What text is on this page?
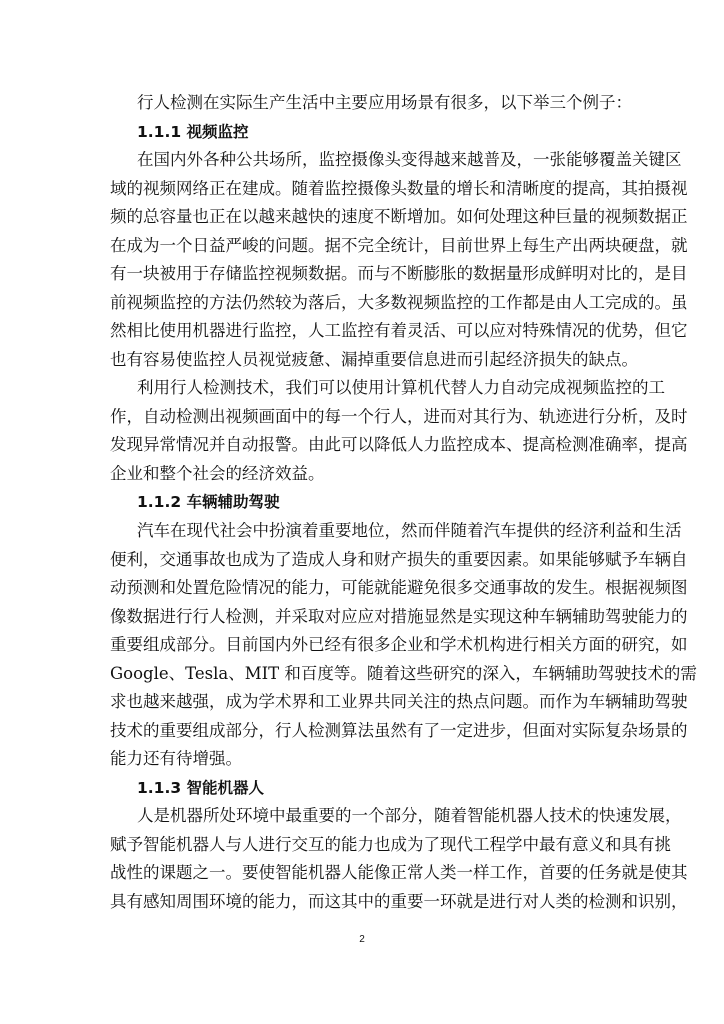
行人检测在实际生产生活中主要应用场景有很多，以下举三个例子：
1.1.1 视频监控
在国内外各种公共场所，监控摄像头变得越来越普及，一张能够覆盖关键区
域的视频网络正在建成。随着监控摄像头数量的增长和清晰度的提高，其拍摄视
频的总容量也正在以越来越快的速度不断增加。如何处理这种巨量的视频数据正
在成为一个日益严峻的问题。据不完全统计，目前世界上每生产出两块硬盘，就
有一块被用于存储监控视频数据。而与不断膨胀的数据量形成鲜明对比的，是目
前视频监控的方法仍然较为落后，大多数视频监控的工作都是由人工完成的。虽
然相比使用机器进行监控，人工监控有着灵活、可以应对特殊情况的优势，但它
也有容易使监控人员视觉疲惫、漏掉重要信息进而引起经济损失的缺点。
利用行人检测技术，我们可以使用计算机代替人力自动完成视频监控的工
作，自动检测出视频画面中的每一个行人，进而对其行为、轨迹进行分析，及时
发现异常情况并自动报警。由此可以降低人力监控成本、提高检测准确率，提高
企业和整个社会的经济效益。
1.1.2 车辆辅助驾驶
汽车在现代社会中扮演着重要地位，然而伴随着汽车提供的经济利益和生活
便利，交通事故也成为了造成人身和财产损失的重要因素。如果能够赋予车辆自
动预测和处置危险情况的能力，可能就能避免很多交通事故的发生。根据视频图
像数据进行行人检测，并采取对应应对措施显然是实现这种车辆辅助驾驶能力的
重要组成部分。目前国内外已经有很多企业和学术机构进行相关方面的研究，如
Google、Tesla、MIT 和百度等。随着这些研究的深入，车辆辅助驾驶技术的需
求也越来越强，成为学术界和工业界共同关注的热点问题。而作为车辆辅助驾驶
技术的重要组成部分，行人检测算法虽然有了一定进步，但面对实际复杂场景的
能力还有待增强。
1.1.3 智能机器人
人是机器所处环境中最重要的一个部分，随着智能机器人技术的快速发展，
赋予智能机器人与人进行交互的能力也成为了现代工程学中最有意义和具有挑
战性的课题之一。要使智能机器人能像正常人类一样工作，首要的任务就是使其
具有感知周围环境的能力，而这其中的重要一环就是进行对人类的检测和识别，
2
